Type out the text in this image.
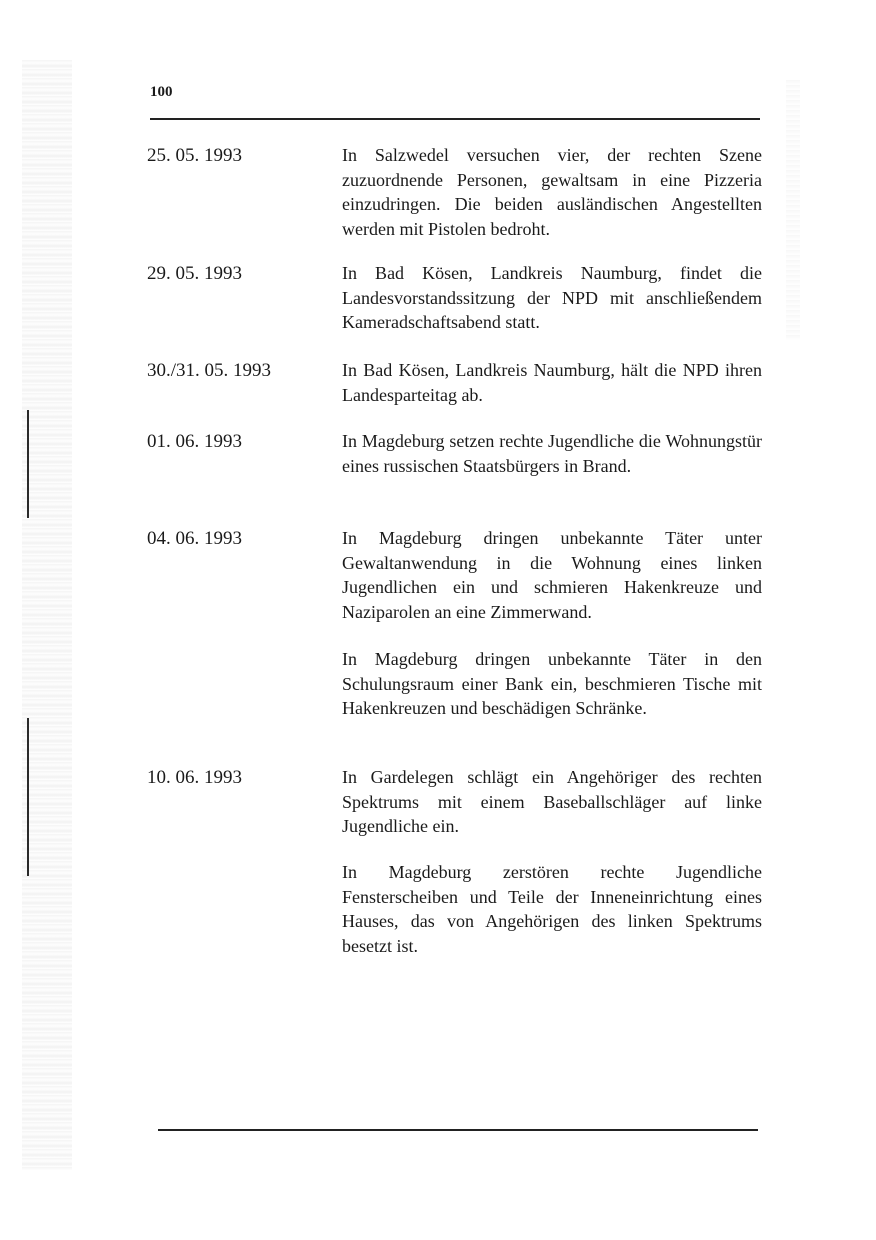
100
25. 05. 1993	In Salzwedel versuchen vier, der rechten Szene zuzuordnende Personen, gewaltsam in eine Pizzeria einzudringen. Die beiden ausländischen Angestellten werden mit Pistolen bedroht.
29. 05. 1993	In Bad Kösen, Landkreis Naumburg, findet die Landesvorstandssitzung der NPD mit anschließendem Kameradschaftsabend statt.
30./31. 05. 1993	In Bad Kösen, Landkreis Naumburg, hält die NPD ihren Landesparteitag ab.
01. 06. 1993	In Magdeburg setzen rechte Jugendliche die Wohnungstür eines russischen Staatsbürgers in Brand.
04. 06. 1993	In Magdeburg dringen unbekannte Täter unter Gewaltanwendung in die Wohnung eines linken Jugendlichen ein und schmieren Hakenkreuze und Naziparolen an eine Zimmerwand.
In Magdeburg dringen unbekannte Täter in den Schulungsraum einer Bank ein, beschmieren Tische mit Hakenkreuzen und beschädigen Schränke.
10. 06. 1993	In Gardelegen schlägt ein Angehöriger des rechten Spektrums mit einem Baseballschläger auf linke Jugendliche ein.
In Magdeburg zerstören rechte Jugendliche Fensterscheiben und Teile der Inneneinrichtung eines Hauses, das von Angehörigen des linken Spektrums besetzt ist.
